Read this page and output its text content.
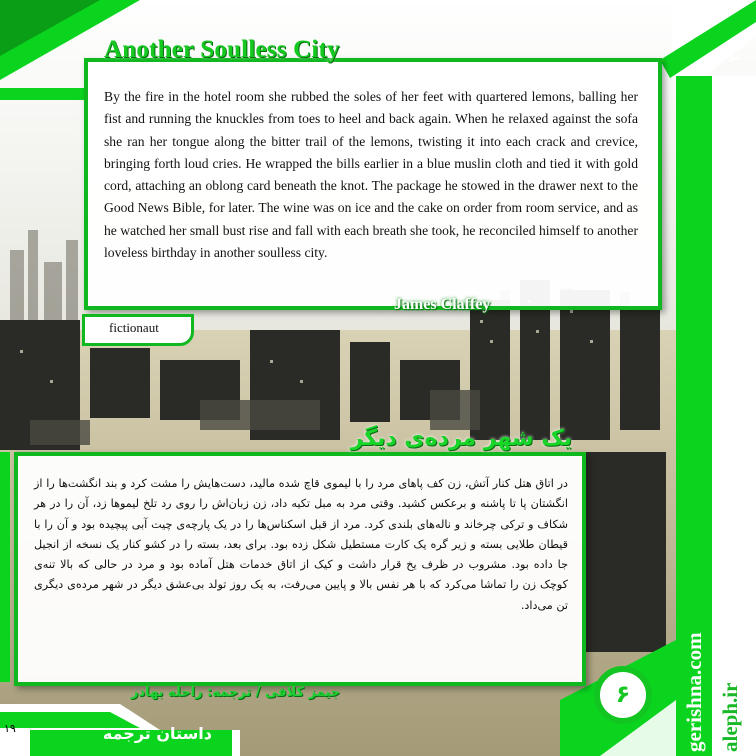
Another Soulless City
By the fire in the hotel room she rubbed the soles of her feet with quartered lemons, balling her fist and running the knuckles from toes to heel and back again. When he relaxed against the sofa she ran her tongue along the bitter trail of the lemons, twisting it into each crack and crevice, bringing forth loud cries. He wrapped the bills earlier in a blue muslin cloth and tied it with gold cord, attaching an oblong card beneath the knot. The package he stowed in the drawer next to the Good News Bible, for later. The wine was on ice and the cake on order from room service, and as he watched her small bust rise and fall with each breath she took, he reconciled himself to another loveless birthday in another soulless city.
James Claffey
fictionaut
یک شهر مرده‌ی دیگر
در اتاق هتل کنار آتش، زن کف پاهای مرد را با لیموی قاچ شده مالید، دست‌هایش را مشت کرد و بند انگشت‌ها را از انگشتان پا تا پاشنه و برعکس کشید. وقتی مرد به مبل تکیه داد، زن زبان‌اش را روی رد تلخ لیموها زد، آن را در هر شکاف و ترکی چرخاند و ناله‌های بلندی کرد. مرد از قبل اسکناس‌ها را در یک پارچه‌ی چیت آبی پیچیده بود و آن را با قیطان طلایی بسته و زیر گره یک کارت مستطیل شکل زده بود. برای بعد، بسته را در کشو کنار یک نسخه از انجیل جا داده بود. مشروب در ظرف یخ قرار داشت و کیک از اتاق خدمات هتل آماده بود و مرد در حالی که بالا تنه‌ی کوچک زن را تماشا می‌کرد که با هر نفس بالا و پایین می‌رفت، به یک روز تولد بی‌عشق دیگر در شهر مرده‌ی دیگری تن می‌داد.
جیمز کلافی / ترجمه: راحله بهادر
داستان ترجمه
۱۹
۶
۳۳
gerishna.com aleph.ir
